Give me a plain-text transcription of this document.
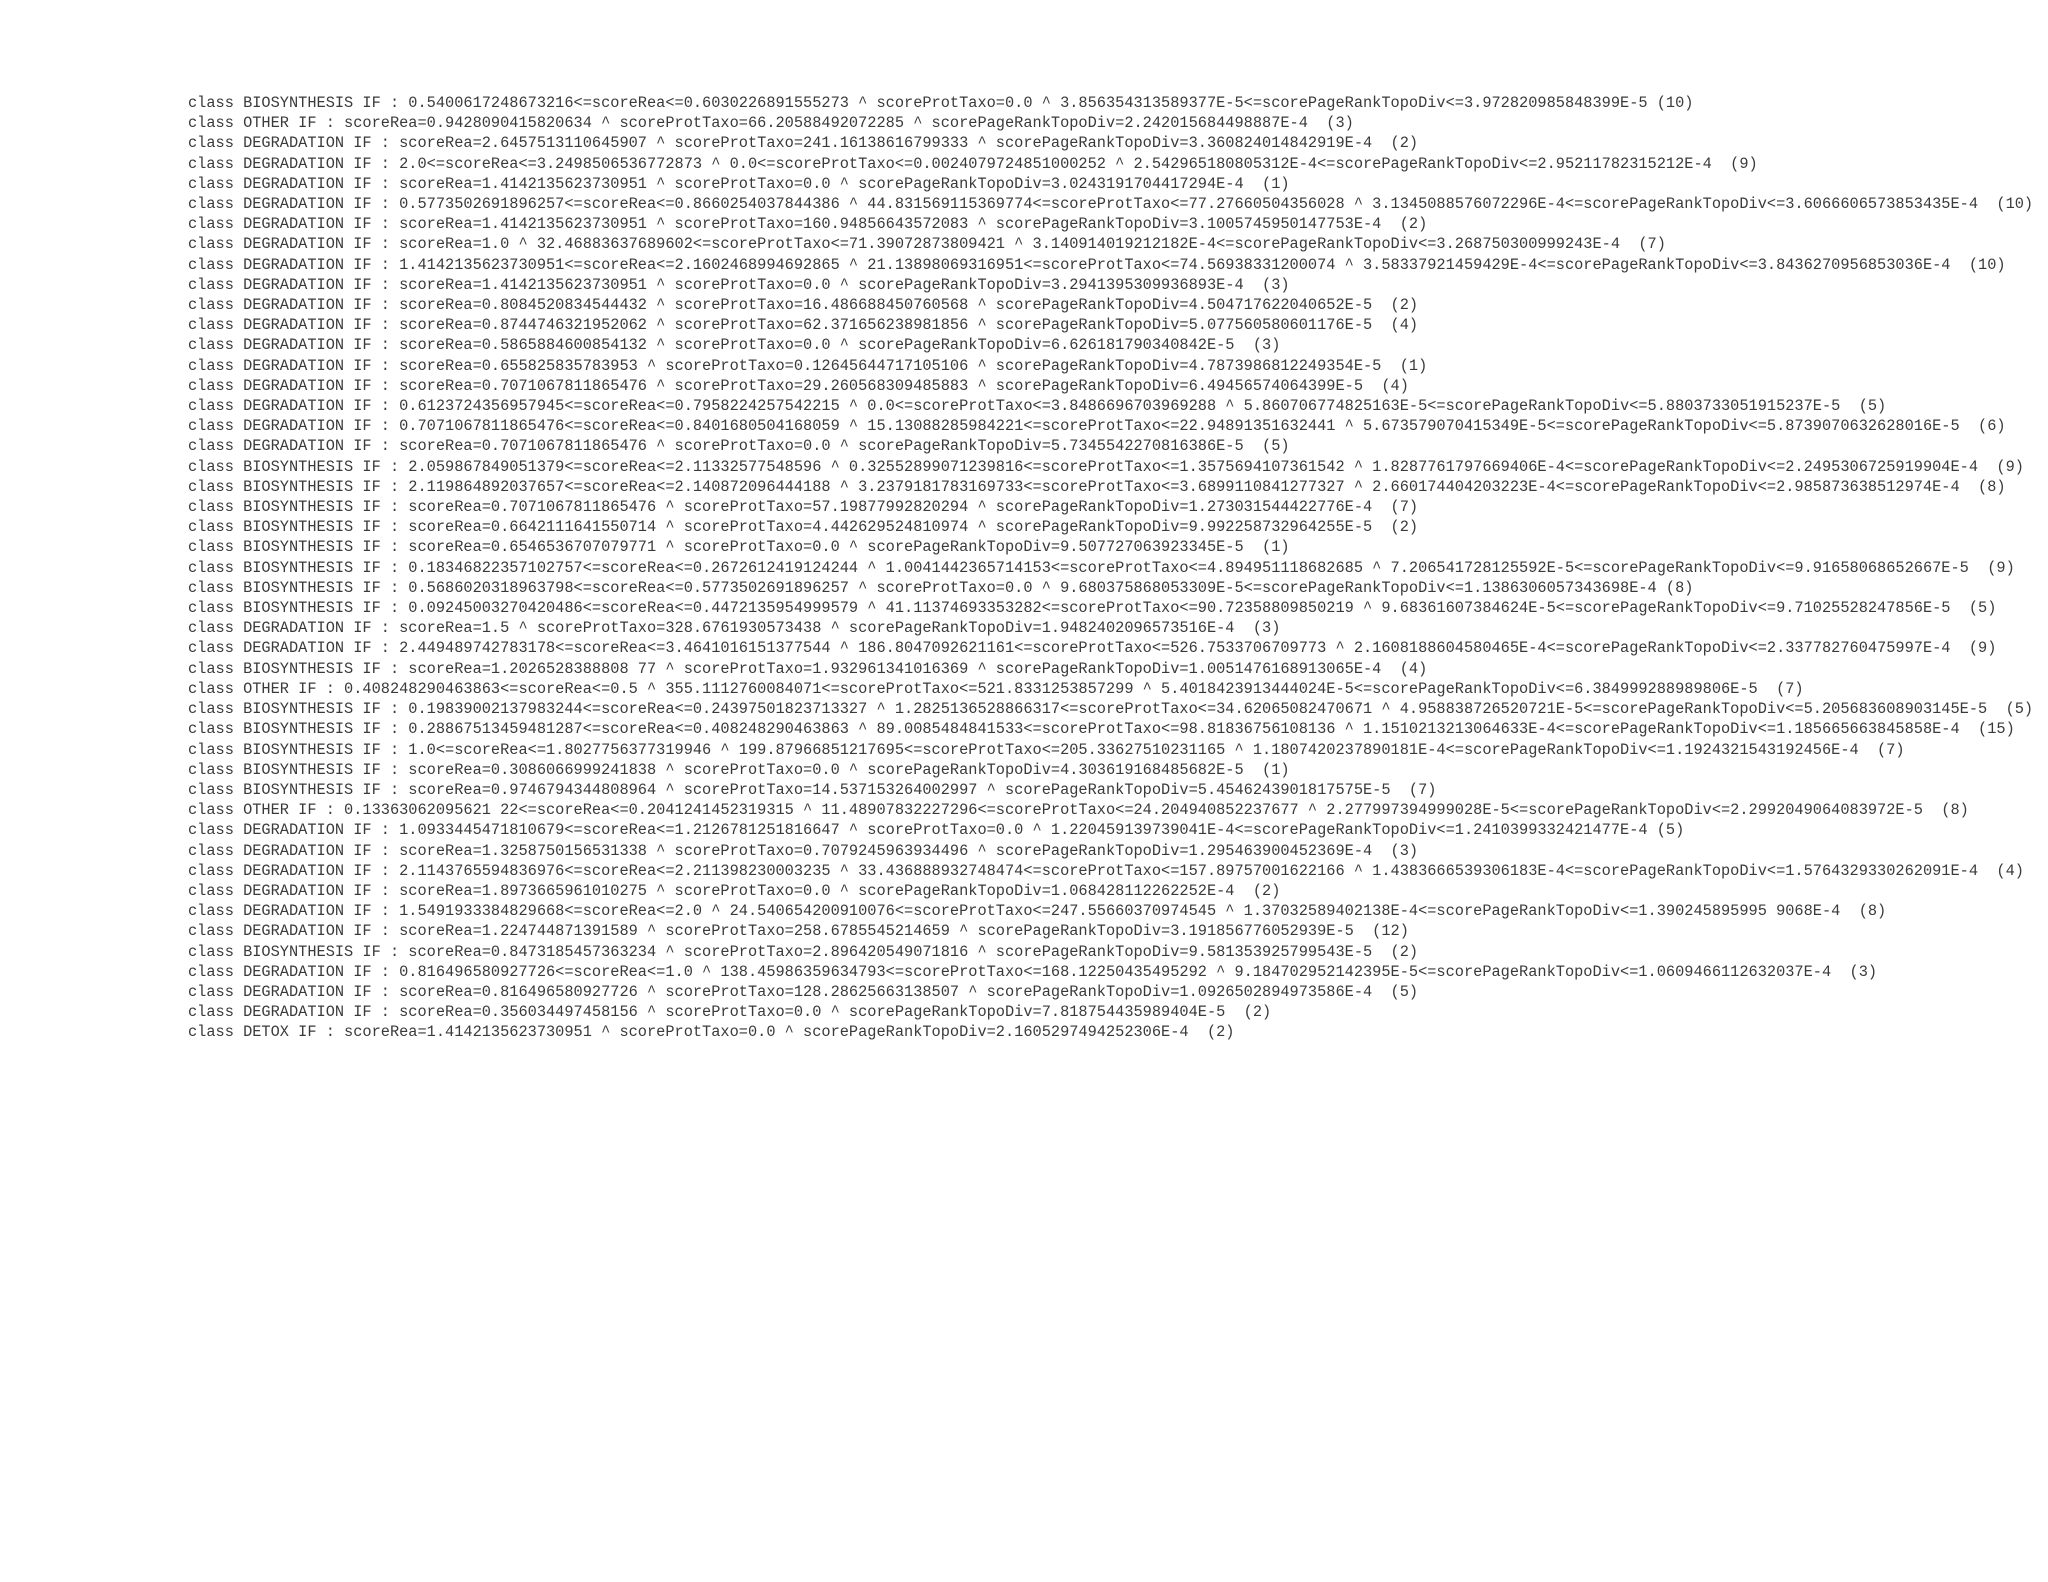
class BIOSYNTHESIS IF : 0.5400617248673216<=scoreRea<=0.6030226891555273 ^ scoreProtTaxo=0.0 ^ 3.856354313589377E-5<=scorePageRankTopoDiv<=3.972820985848399E-5 (10)

class OTHER IF : scoreRea=0.9428090415820634 ^ scoreProtTaxo=66.20588492072285 ^ scorePageRankTopoDiv=2.242015684498887E-4  (3)

class DEGRADATION IF : scoreRea=2.6457513110645907 ^ scoreProtTaxo=241.16138616799333 ^ scorePageRankTopoDiv=3.360824014842919E-4  (2)

class DEGRADATION IF : 2.0<=scoreRea<=3.2498506536772873 ^ 0.0<=scoreProtTaxo<=0.0024079724851000252 ^ 2.542965180805312E-4<=scorePageRankTopoDiv<=2.95211782315212E-4  (9)

class DEGRADATION IF : scoreRea=1.4142135623730951 ^ scoreProtTaxo=0.0 ^ scorePageRankTopoDiv=3.0243191704417294E-4  (1)

class DEGRADATION IF : 0.5773502691896257<=scoreRea<=0.8660254037844386 ^ 44.831569115369774<=scoreProtTaxo<=77.27660504356028 ^ 3.1345088576072296E-4<=scorePageRankTopoDiv<=3.6066606573853435E-4  (10)

class DEGRADATION IF : scoreRea=1.4142135623730951 ^ scoreProtTaxo=160.94856643572083 ^ scorePageRankTopoDiv=3.1005745950147753E-4  (2)

class DEGRADATION IF : scoreRea=1.0 ^ 32.46883637689602<=scoreProtTaxo<=71.39072873809421 ^ 3.140914019212182E-4<=scorePageRankTopoDiv<=3.268750300999243E-4  (7)

class DEGRADATION IF : 1.4142135623730951<=scoreRea<=2.1602468994692865 ^ 21.13898069316951<=scoreProtTaxo<=74.56938331200074 ^ 3.58337921459429E-4<=scorePageRankTopoDiv<=3.8436270956853036E-4  (10)

class DEGRADATION IF : scoreRea=1.4142135623730951 ^ scoreProtTaxo=0.0 ^ scorePageRankTopoDiv=3.2941395309936893E-4  (3)

class DEGRADATION IF : scoreRea=0.8084520834544432 ^ scoreProtTaxo=16.486688450760568 ^ scorePageRankTopoDiv=4.504717622040652E-5  (2)

class DEGRADATION IF : scoreRea=0.8744746321952062 ^ scoreProtTaxo=62.371656238981856 ^ scorePageRankTopoDiv=5.077560580601176E-5  (4)

class DEGRADATION IF : scoreRea=0.5865884600854132 ^ scoreProtTaxo=0.0 ^ scorePageRankTopoDiv=6.626181790340842E-5  (3)

class DEGRADATION IF : scoreRea=0.655825835783953 ^ scoreProtTaxo=0.12645644717105106 ^ scorePageRankTopoDiv=4.7873986812249354E-5  (1)

class DEGRADATION IF : scoreRea=0.7071067811865476 ^ scoreProtTaxo=29.260568309485883 ^ scorePageRankTopoDiv=6.49456574064399E-5  (4)

class DEGRADATION IF : 0.6123724356957945<=scoreRea<=0.7958224257542215 ^ 0.0<=scoreProtTaxo<=3.8486696703969288 ^ 5.860706774825163E-5<=scorePageRankTopoDiv<=5.8803733051915237E-5  (5)

class DEGRADATION IF : 0.7071067811865476<=scoreRea<=0.8401680504168059 ^ 15.13088285984221<=scoreProtTaxo<=22.94891351632441 ^ 5.673579070415349E-5<=scorePageRankTopoDiv<=5.8739070632628016E-5  (6)

class DEGRADATION IF : scoreRea=0.7071067811865476 ^ scoreProtTaxo=0.0 ^ scorePageRankTopoDiv=5.7345542270816386E-5  (5)

class BIOSYNTHESIS IF : 2.059867849051379<=scoreRea<=2.11332577548596 ^ 0.32552899071239816<=scoreProtTaxo<=1.3575694107361542 ^ 1.8287761797669406E-4<=scorePageRankTopoDiv<=2.2495306725919904E-4  (9)

class BIOSYNTHESIS IF : 2.119864892037657<=scoreRea<=2.140872096444188 ^ 3.2379181783169733<=scoreProtTaxo<=3.6899110841277327 ^ 2.660174404203223E-4<=scorePageRankTopoDiv<=2.985873638512974E-4  (8)

class BIOSYNTHESIS IF : scoreRea=0.7071067811865476 ^ scoreProtTaxo=57.19877992820294 ^ scorePageRankTopoDiv=1.273031544422776E-4  (7)

class BIOSYNTHESIS IF : scoreRea=0.6642111641550714 ^ scoreProtTaxo=4.442629524810974 ^ scorePageRankTopoDiv=9.992258732964255E-5  (2)

class BIOSYNTHESIS IF : scoreRea=0.6546536707079771 ^ scoreProtTaxo=0.0 ^ scorePageRankTopoDiv=9.507727063923345E-5  (1)

class BIOSYNTHESIS IF : 0.18346822357102757<=scoreRea<=0.2672612419124244 ^ 1.0041442365714153<=scoreProtTaxo<=4.894951118682685 ^ 7.206541728125592E-5<=scorePageRankTopoDiv<=9.91658068652667E-5  (9)

class BIOSYNTHESIS IF : 0.5686020318963798<=scoreRea<=0.5773502691896257 ^ scoreProtTaxo=0.0 ^ 9.680375868053309E-5<=scorePageRankTopoDiv<=1.1386306057343698E-4 (8)

class BIOSYNTHESIS IF : 0.09245003270420486<=scoreRea<=0.4472135954999579 ^ 41.11374693353282<=scoreProtTaxo<=90.72358809850219 ^ 9.68361607384624E-5<=scorePageRankTopoDiv<=9.71025528247856E-5  (5)

class DEGRADATION IF : scoreRea=1.5 ^ scoreProtTaxo=328.6761930573438 ^ scorePageRankTopoDiv=1.9482402096573516E-4  (3)

class DEGRADATION IF : 2.449489742783178<=scoreRea<=3.4641016151377544 ^ 186.8047092621161<=scoreProtTaxo<=526.7533706709773 ^ 2.1608188604580465E-4<=scorePageRankTopoDiv<=2.337782760475997E-4  (9)

class BIOSYNTHESIS IF : scoreRea=1.2026528388808 77 ^ scoreProtTaxo=1.932961341016369 ^ scorePageRankTopoDiv=1.0051476168913065E-4  (4)

class OTHER IF : 0.408248290463863<=scoreRea<=0.5 ^ 355.1112760084071<=scoreProtTaxo<=521.8331253857299 ^ 5.4018423913444024E-5<=scorePageRankTopoDiv<=6.384999288989806E-5  (7)

class BIOSYNTHESIS IF : 0.19839002137983244<=scoreRea<=0.24397501823713327 ^ 1.2825136528866317<=scoreProtTaxo<=34.62065082470671 ^ 4.958838726520721E-5<=scorePageRankTopoDiv<=5.205683608903145E-5  (5)

class BIOSYNTHESIS IF : 0.28867513459481287<=scoreRea<=0.408248290463863 ^ 89.0085484841533<=scoreProtTaxo<=98.81836756108136 ^ 1.1510213213064633E-4<=scorePageRankTopoDiv<=1.185665663845858E-4  (15)

class BIOSYNTHESIS IF : 1.0<=scoreRea<=1.8027756377319946 ^ 199.87966851217695<=scoreProtTaxo<=205.33627510231165 ^ 1.1807420237890181E-4<=scorePageRankTopoDiv<=1.1924321543192456E-4  (7)

class BIOSYNTHESIS IF : scoreRea=0.3086066999241838 ^ scoreProtTaxo=0.0 ^ scorePageRankTopoDiv=4.303619168485682E-5  (1)

class BIOSYNTHESIS IF : scoreRea=0.9746794344808964 ^ scoreProtTaxo=14.537153264002997 ^ scorePageRankTopoDiv=5.4546243901817575E-5  (7)

class OTHER IF : 0.13363062095621 22<=scoreRea<=0.2041241452319315 ^ 11.48907832227296<=scoreProtTaxo<=24.204940852237677 ^ 2.277997394999028E-5<=scorePageRankTopoDiv<=2.2992049064083972E-5  (8)

class DEGRADATION IF : 1.0933445471810679<=scoreRea<=1.2126781251816647 ^ scoreProtTaxo=0.0 ^ 1.220459139739041E-4<=scorePageRankTopoDiv<=1.2410399332421477E-4 (5)

class DEGRADATION IF : scoreRea=1.3258750156531338 ^ scoreProtTaxo=0.7079245963934496 ^ scorePageRankTopoDiv=1.295463900452369E-4  (3)

class DEGRADATION IF : 2.1143765594836976<=scoreRea<=2.211398230003235 ^ 33.436888932748474<=scoreProtTaxo<=157.89757001622166 ^ 1.4383666539306183E-4<=scorePageRankTopoDiv<=1.5764329330262091E-4  (4)

class DEGRADATION IF : scoreRea=1.8973665961010275 ^ scoreProtTaxo=0.0 ^ scorePageRankTopoDiv=1.068428112262252E-4  (2)

class DEGRADATION IF : 1.5491933384829668<=scoreRea<=2.0 ^ 24.540654200910076<=scoreProtTaxo<=247.55660370974545 ^ 1.37032589402138E-4<=scorePageRankTopoDiv<=1.390245895995 9068E-4  (8)

class DEGRADATION IF : scoreRea=1.224744871391589 ^ scoreProtTaxo=258.6785545214659 ^ scorePageRankTopoDiv=3.191856776052939E-5  (12)

class BIOSYNTHESIS IF : scoreRea=0.8473185457363234 ^ scoreProtTaxo=2.896420549071816 ^ scorePageRankTopoDiv=9.581353925799543E-5  (2)

class DEGRADATION IF : 0.816496580927726<=scoreRea<=1.0 ^ 138.45986359634793<=scoreProtTaxo<=168.12250435495292 ^ 9.184702952142395E-5<=scorePageRankTopoDiv<=1.0609466112632037E-4  (3)

class DEGRADATION IF : scoreRea=0.816496580927726 ^ scoreProtTaxo=128.28625663138507 ^ scorePageRankTopoDiv=1.0926502894973586E-4  (5)

class DEGRADATION IF : scoreRea=0.356034497458156 ^ scoreProtTaxo=0.0 ^ scorePageRankTopoDiv=7.818754435989404E-5  (2)

class DETOX IF : scoreRea=1.4142135623730951 ^ scoreProtTaxo=0.0 ^ scorePageRankTopoDiv=2.1605297494252306E-4  (2)
